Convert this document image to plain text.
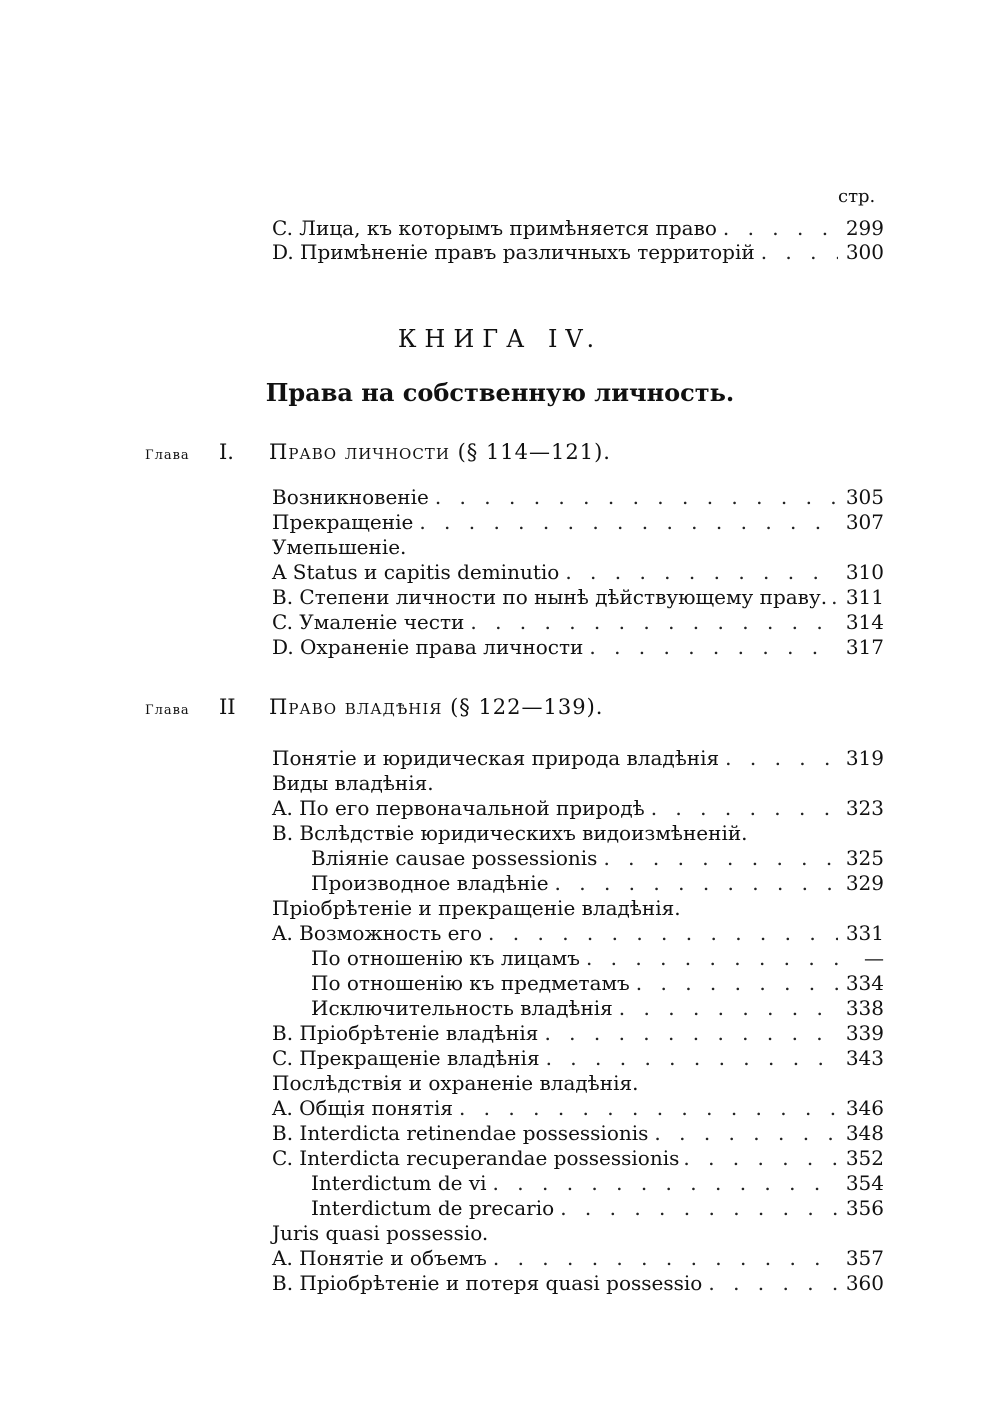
стр.
C. Лица, къ которымъ примѣняется право . . .	299
D. Примѣненіе правъ различныхъ территорій . . .	300
КНИГА IV.
Права на собственную личность.
Глава I. Право личности (§ 114—121).
Возникновеніе . . .	305
Прекращеніе . . .	307
Умепьшеніе.
A Status и capitis deminutio . . .	310
B. Степени личности по нынѣ дѣйствующему праву. . . . 311
C. Умаленіе чести . . .	314
D. Охраненіе права личности . . .	317
Глава II Право владѣнія (§ 122—139).
Понятіе и юридическая природа владѣнія . . .	319
Виды владѣнія.
A. По его первоначальной природѣ . . .	323
B. Вслѣдствіе юридическихъ видоизмѣненій.
Вліяніе causae possessionis . . .	325
Производное владѣніе . . .	329
Пріобрѣтеніе и прекращеніе владѣнія.
A. Возможность его . . .	331
По отношенію къ лицамъ . . .	—
По отношенію къ предметамъ . . .	334
Исключительность владѣнія . . .	338
B. Пріобрѣтеніе владѣнія . . .	339
C. Прекращеніе владѣнія . . .	343
Послѣдствія и охраненіе владѣнія.
A. Общія понятія . . .	346
B. Interdicta retinendae possessionis . . .	348
C. Interdicta recuperandae possessionis . . .	352
Interdictum de vi . . .	354
Interdictum de precario . . .	356
Juris quasi possessio.
A. Понятіе и объемъ . . .	357
B. Пріобрѣтеніе и потеря quasi possessio . . .	360
